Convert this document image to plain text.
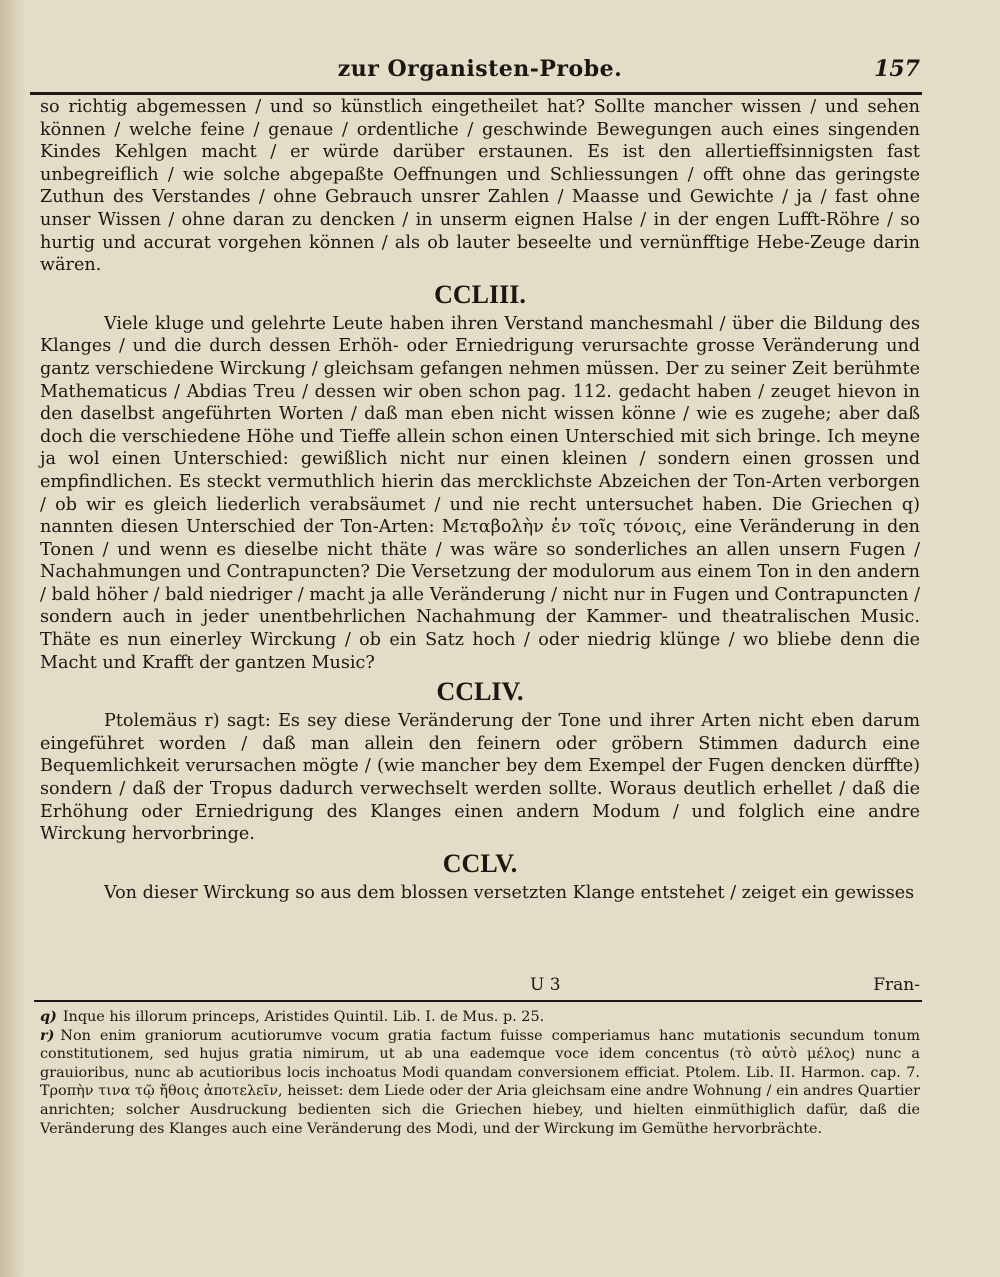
zur Organisten-Probe.	157

so richtig abgemessen / und so künstlich eingetheilet hat? Sollte mancher wissen / und sehen können / welche feine / genaue / ordentliche / geschwinde Bewegungen auch eines singenden Kindes Kehlgen macht / er würde darüber erstaunen. Es ist den allertieffsinnigsten fast unbegreiflich / wie solche abgepaßte Oeffnungen und Schliessungen / offt ohne das geringste Zuthun des Verstandes / ohne Gebrauch unsrer Zahlen / Maasse und Gewichte / ja / fast ohne unser Wissen / ohne daran zu dencken / in unserm eignen Halse / in der engen Lufft-Röhre / so hurtig und accurat vorgehen können / als ob lauter beseelte und vernünfftige Hebe-Zeuge darin wären.

CCLIII.

Viele kluge und gelehrte Leute haben ihren Verstand manchesmahl / über die Bildung des Klanges / und die durch dessen Erhöh- oder Erniedrigung verursachte grosse Veränderung und gantz verschiedene Wirckung / gleichsam gefangen nehmen müssen. Der zu seiner Zeit berühmte Mathematicus / Abdias Treu / dessen wir oben schon pag. 112. gedacht haben / zeuget hievon in den daselbst angeführten Worten / daß man eben nicht wissen könne / wie es zugehe; aber daß doch die verschiedene Höhe und Tieffe allein schon einen Unterschied mit sich bringe. Ich meyne ja wol einen Unterschied: gewißlich nicht nur einen kleinen / sondern einen grossen und empfindlichen. Es steckt vermuthlich hierin das mercklichste Abzeichen der Ton-Arten verborgen / ob wir es gleich liederlich verabsäumet / und nie recht untersuchet haben. Die Griechen q) nannten diesen Unterschied der Ton-Arten: Μεταβολὴν ἐν τοῖς τόνοις, eine Veränderung in den Tonen / und wenn es dieselbe nicht thäte / was wäre so sonderliches an allen unsern Fugen / Nachahmungen und Contrapuncten? Die Versetzung der modulorum aus einem Ton in den andern / bald höher / bald niedriger / macht ja alle Veränderung / nicht nur in Fugen und Contrapuncten / sondern auch in jeder unentbehrlichen Nachahmung der Kammer- und theatralischen Music. Thäte es nun einerley Wirckung / ob ein Satz hoch / oder niedrig klünge / wo bliebe denn die Macht und Krafft der gantzen Music?

CCLIV.

Ptolemäus r) sagt: Es sey diese Veränderung der Tone und ihrer Arten nicht eben darum eingeführet worden / daß man allein den feinern oder gröbern Stimmen dadurch eine Bequemlichkeit verursachen mögte / (wie mancher bey dem Exempel der Fugen dencken dürffte) sondern / daß der Tropus dadurch verwechselt werden sollte. Woraus deutlich erhellet / daß die Erhöhung oder Erniedrigung des Klanges einen andern Modum / und folglich eine andre Wirckung hervorbringe.

CCLV.

Von dieser Wirckung so aus dem blossen versetzten Klange entstehet / zeiget ein gewisses

U 3	Fran-

q) Inque his illorum princeps, Aristides Quintil. Lib. I. de Mus. p. 25.

r) Non enim graniorum acutiorumve vocum gratia factum fuisse comperiamus hanc mutationis secundum tonum constitutionem, sed hujus gratia nimirum, ut ab una eademque voce idem concentus (τὸ αὐτὸ μέλος) nunc a grauioribus, nunc ab acutioribus locis inchoatus Modi quandam conversionem efficiat. Ptolem. Lib. II. Harmon. cap. 7. Τροπὴν τινα τῷ ἤθοις ἀποτελεῖν, heisset: dem Liede oder der Aria gleichsam eine andre Wohnung / ein andres Quartier anrichten; solcher Ausdruckung bedienten sich die Griechen hiebey, und hielten einmüthiglich dafür, daß die Veränderung des Klanges auch eine Veränderung des Modi, und der Wirckung im Gemüthe hervorbrächte.
